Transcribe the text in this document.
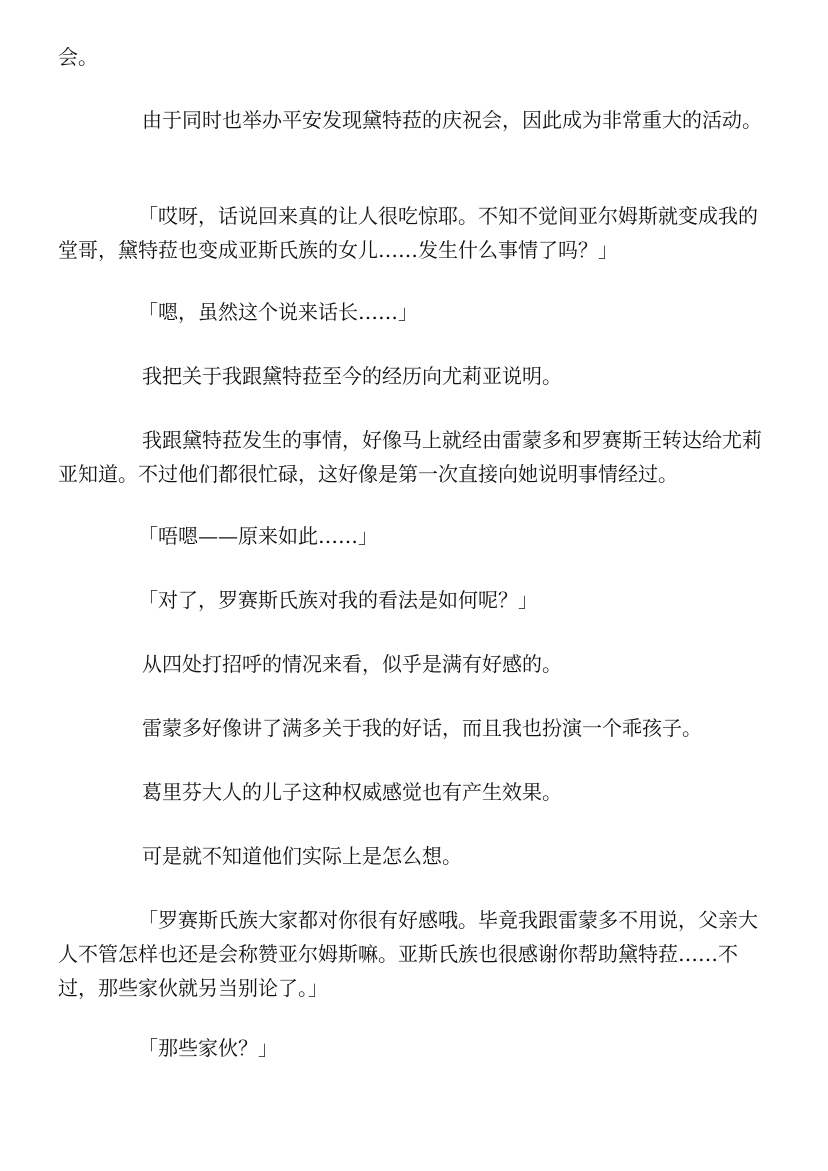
会。

由于同时也举办平安发现黛特菈的庆祝会，因此成为非常重大的活动。

「哎呀，话说回来真的让人很吃惊耶。不知不觉间亚尔姆斯就变成我的堂哥，黛特菈也变成亚斯氏族的女儿……发生什么事情了吗？」

「嗯，虽然这个说来话长……」

我把关于我跟黛特菈至今的经历向尤莉亚说明。

我跟黛特菈发生的事情，好像马上就经由雷蒙多和罗赛斯王转达给尤莉亚知道。不过他们都很忙碌，这好像是第一次直接向她说明事情经过。

「唔嗯——原来如此……」

「对了，罗赛斯氏族对我的看法是如何呢？」

从四处打招呼的情况来看，似乎是满有好感的。

雷蒙多好像讲了满多关于我的好话，而且我也扮演一个乖孩子。

葛里芬大人的儿子这种权威感觉也有产生效果。

可是就不知道他们实际上是怎么想。

「罗赛斯氏族大家都对你很有好感哦。毕竟我跟雷蒙多不用说，父亲大人不管怎样也还是会称赞亚尔姆斯嘛。亚斯氏族也很感谢你帮助黛特菈……不过，那些家伙就另当别论了。」

「那些家伙？」
